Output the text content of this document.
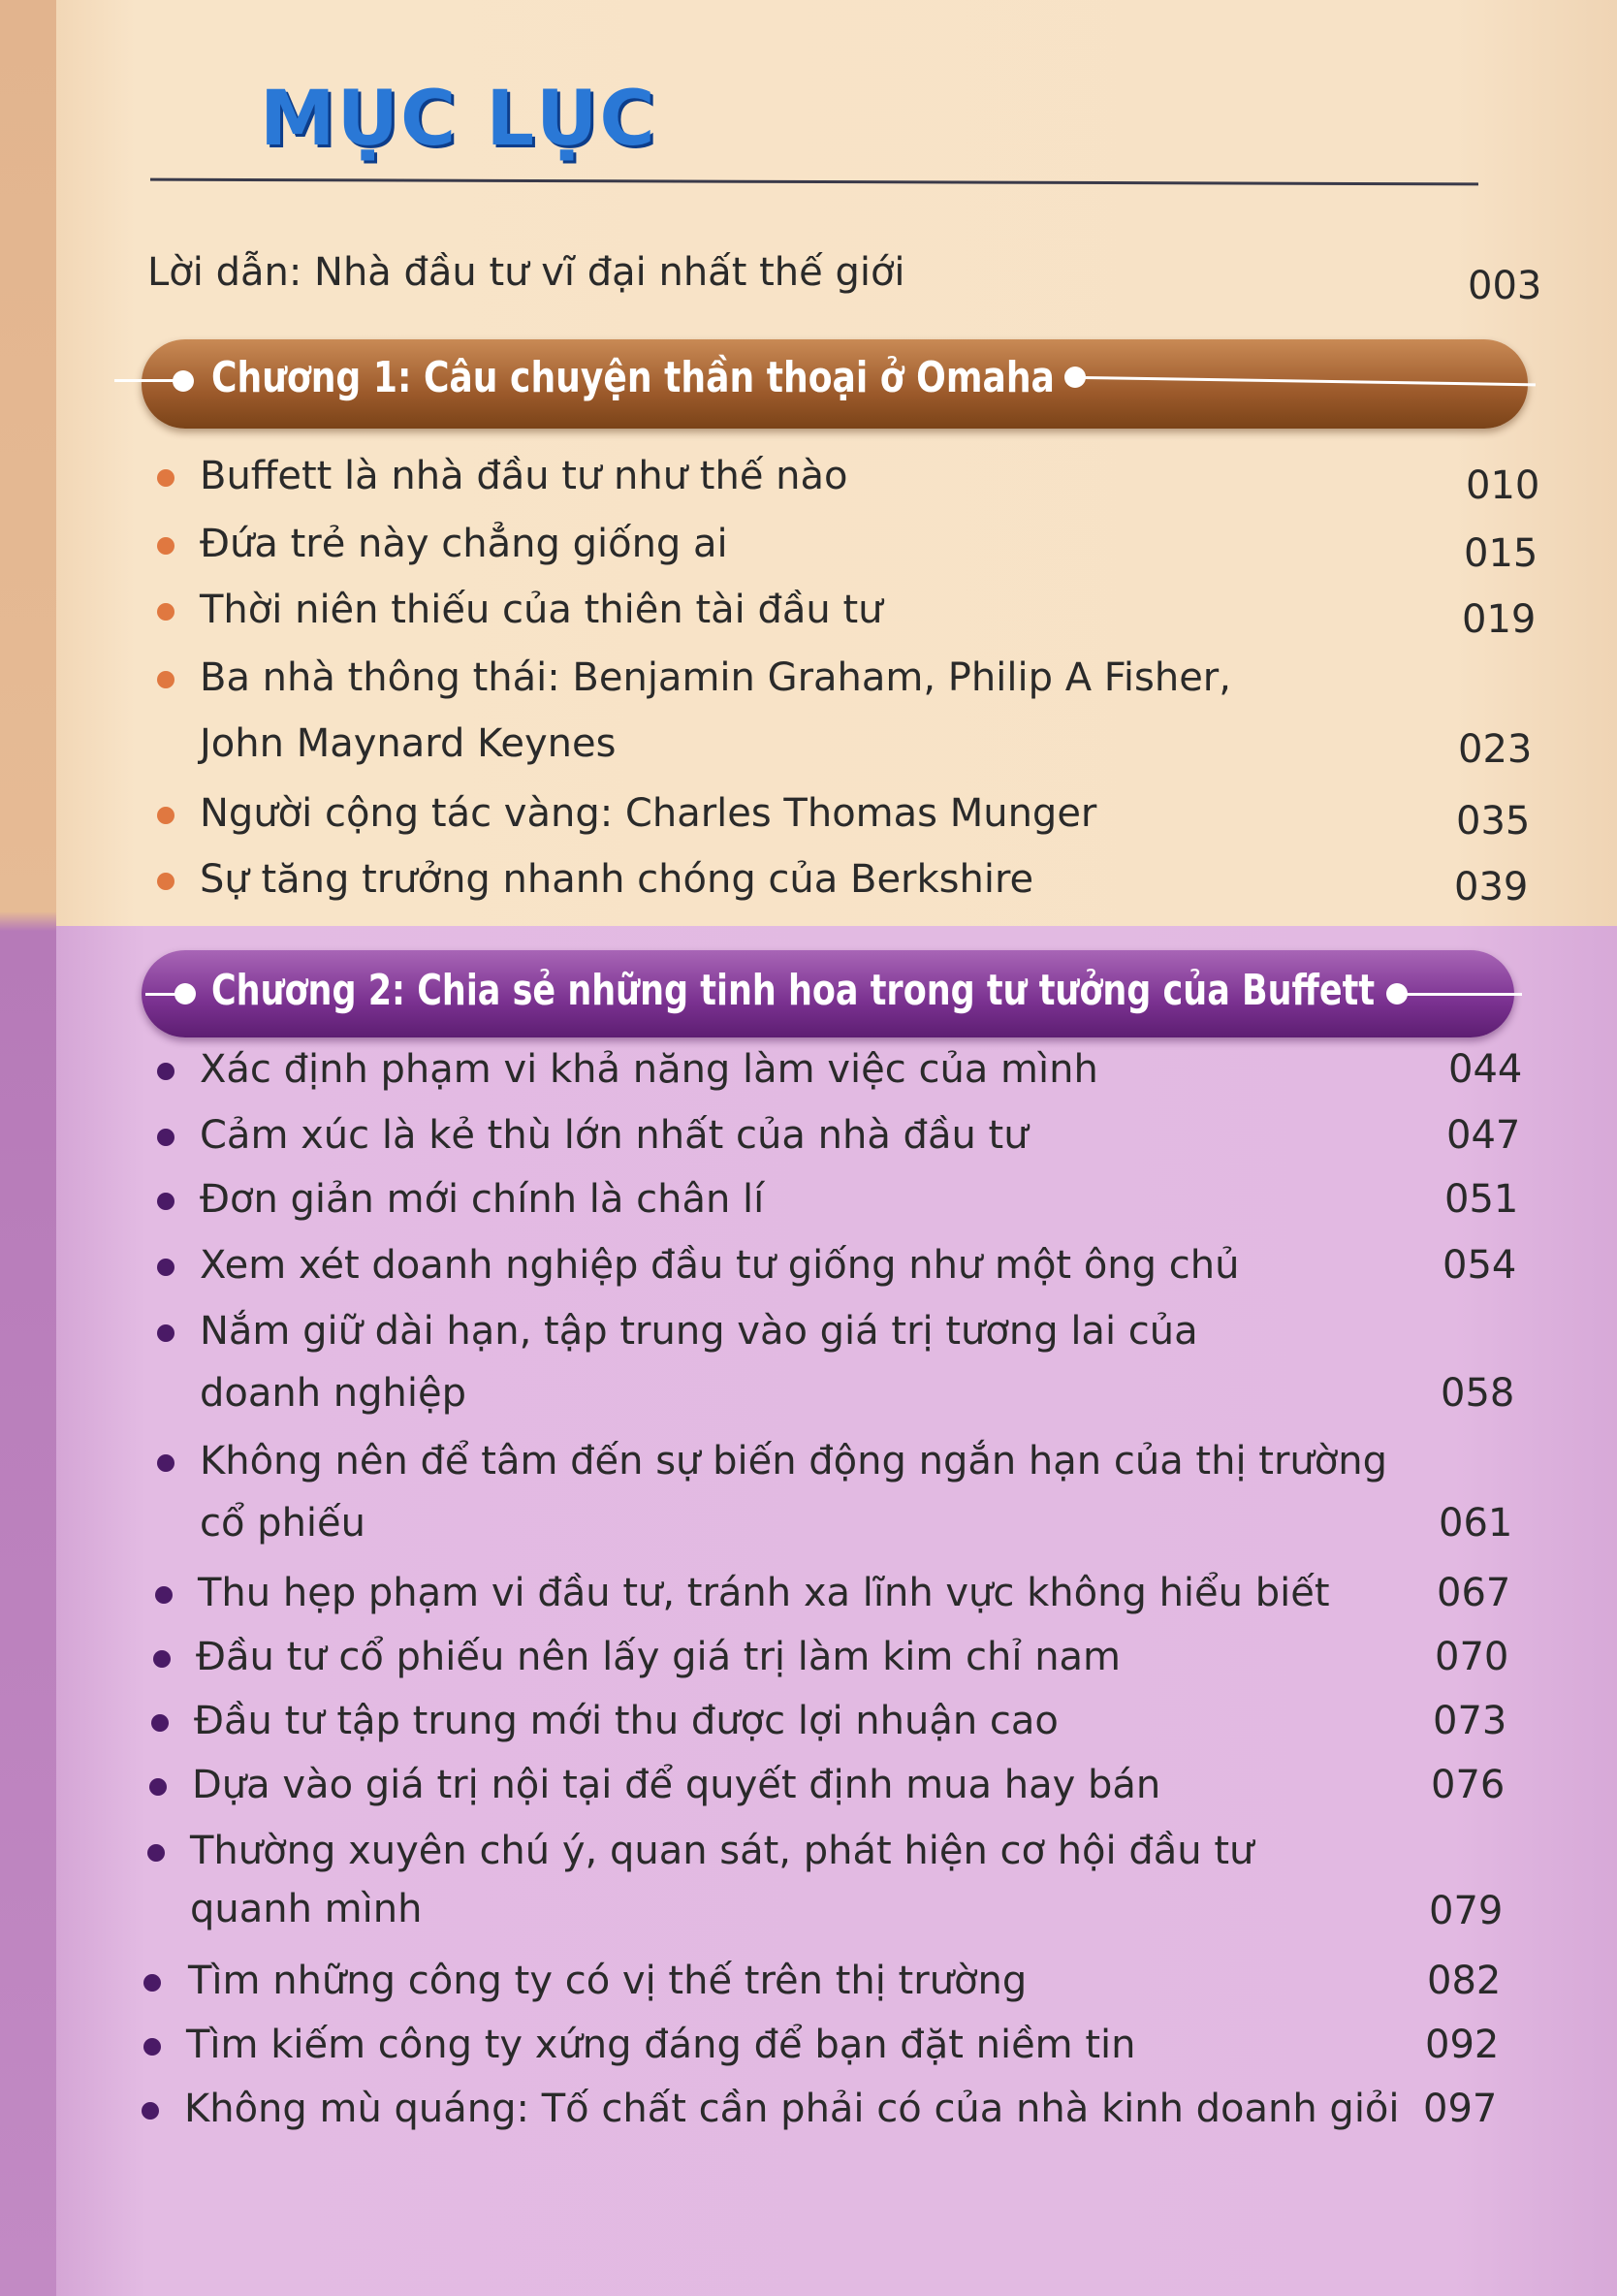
MỤC LỤC
Lời dẫn: Nhà đầu tư vĩ đại nhất thế giới	003
Chương 1: Câu chuyện thần thoại ở Omaha
Buffett là nhà đầu tư như thế nào	010
Đứa trẻ này chẳng giống ai	015
Thời niên thiếu của thiên tài đầu tư	019
Ba nhà thông thái: Benjamin Graham, Philip A Fisher,
John Maynard Keynes	023
Người cộng tác vàng: Charles Thomas Munger	035
Sự tăng trưởng nhanh chóng của Berkshire	039
Chương 2: Chia sẻ những tinh hoa trong tư tưởng của Buffett
Xác định phạm vi khả năng làm việc của mình	044
Cảm xúc là kẻ thù lớn nhất của nhà đầu tư	047
Đơn giản mới chính là chân lí	051
Xem xét doanh nghiệp đầu tư giống như một ông chủ	054
Nắm giữ dài hạn, tập trung vào giá trị tương lai của
doanh nghiệp	058
Không nên để tâm đến sự biến động ngắn hạn của thị trường
cổ phiếu	061
Thu hẹp phạm vi đầu tư, tránh xa lĩnh vực không hiểu biết	067
Đầu tư cổ phiếu nên lấy giá trị làm kim chỉ nam	070
Đầu tư tập trung mới thu được lợi nhuận cao	073
Dựa vào giá trị nội tại để quyết định mua hay bán	076
Thường xuyên chú ý, quan sát, phát hiện cơ hội đầu tư
quanh mình	079
Tìm những công ty có vị thế trên thị trường	082
Tìm kiếm công ty xứng đáng để bạn đặt niềm tin	092
Không mù quáng: Tố chất cần phải có của nhà kinh doanh giỏi 097
